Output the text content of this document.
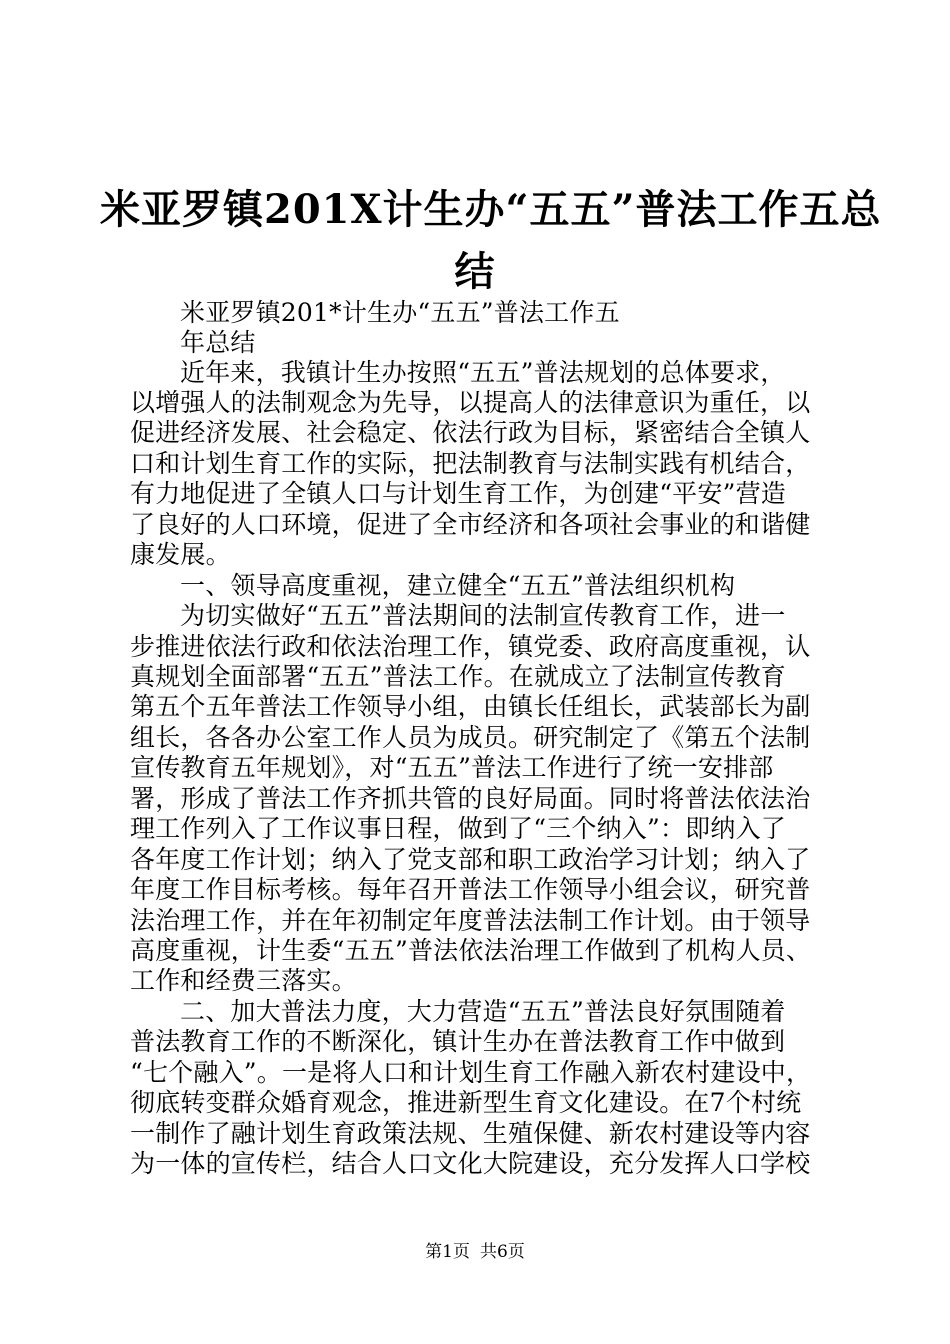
米亚罗镇201X计生办“五五”普法工作五总
结
米亚罗镇201*计生办“五五”普法工作五
年总结
近年来，我镇计生办按照“五五”普法规划的总体要求，
以增强人的法制观念为先导，以提高人的法律意识为重任，以
促进经济发展、社会稳定、依法行政为目标，紧密结合全镇人
口和计划生育工作的实际，把法制教育与法制实践有机结合，
有力地促进了全镇人口与计划生育工作，为创建“平安”营造
了良好的人口环境，促进了全市经济和各项社会事业的和谐健
康发展。
一、领导高度重视，建立健全“五五”普法组织机构
为切实做好“五五”普法期间的法制宣传教育工作，进一
步推进依法行政和依法治理工作，镇党委、政府高度重视，认
真规划全面部署“五五”普法工作。在就成立了法制宣传教育
第五个五年普法工作领导小组，由镇长任组长，武装部长为副
组长，各各办公室工作人员为成员。研究制定了《第五个法制
宣传教育五年规划》，对“五五”普法工作进行了统一安排部
署，形成了普法工作齐抓共管的良好局面。同时将普法依法治
理工作列入了工作议事日程，做到了“三个纳入”：即纳入了
各年度工作计划；纳入了党支部和职工政治学习计划；纳入了
年度工作目标考核。每年召开普法工作领导小组会议，研究普
法治理工作，并在年初制定年度普法法制工作计划。由于领导
高度重视，计生委“五五”普法依法治理工作做到了机构人员、
工作和经费三落实。
二、加大普法力度，大力营造“五五”普法良好氛围随着
普法教育工作的不断深化，镇计生办在普法教育工作中做到
“七个融入”。一是将人口和计划生育工作融入新农村建设中，
彻底转变群众婚育观念，推进新型生育文化建设。在7个村统
一制作了融计划生育政策法规、生殖保健、新农村建设等内容
为一体的宣传栏，结合人口文化大院建设，充分发挥人口学校
第1页 共6页
